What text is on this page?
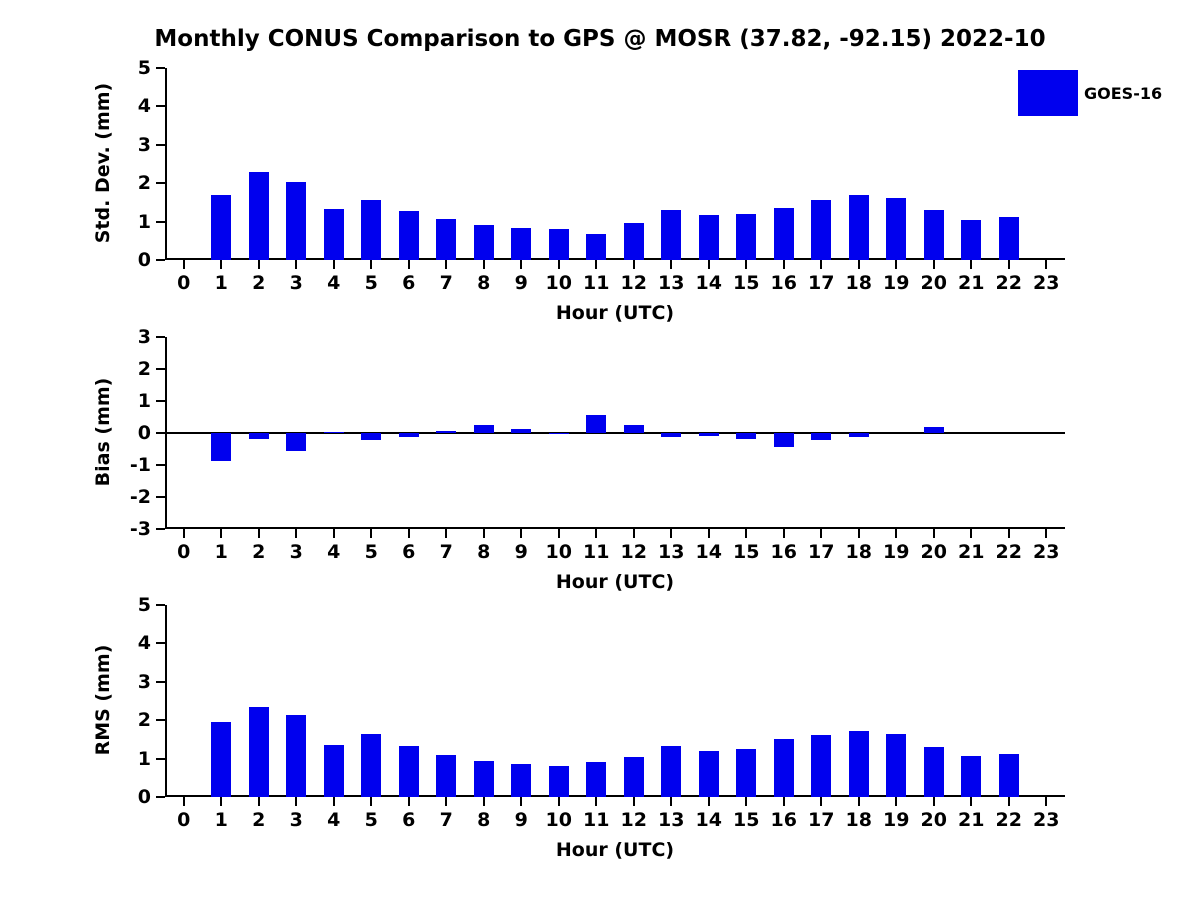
Monthly CONUS Comparison to GPS @ MOSR (37.82, -92.15) 2022-10
0
1
2
3
4
5
0 1 2 3 4 5 6 7 8 9 10 11 12 13 14 15 16 17 18 19 20 21 22 23
Hour (UTC)
Std. Dev. (mm)
-3
-2
-1
0
1
2
3
0 1 2 3 4 5 6 7 8 9 10 11 12 13 14 15 16 17 18 19 20 21 22 23
Hour (UTC)
Bias (mm)
0
1
2
3
4
5
0 1 2 3 4 5 6 7 8 9 10 11 12 13 14 15 16 17 18 19 20 21 22 23
Hour (UTC)
RMS (mm)
GOES-16
